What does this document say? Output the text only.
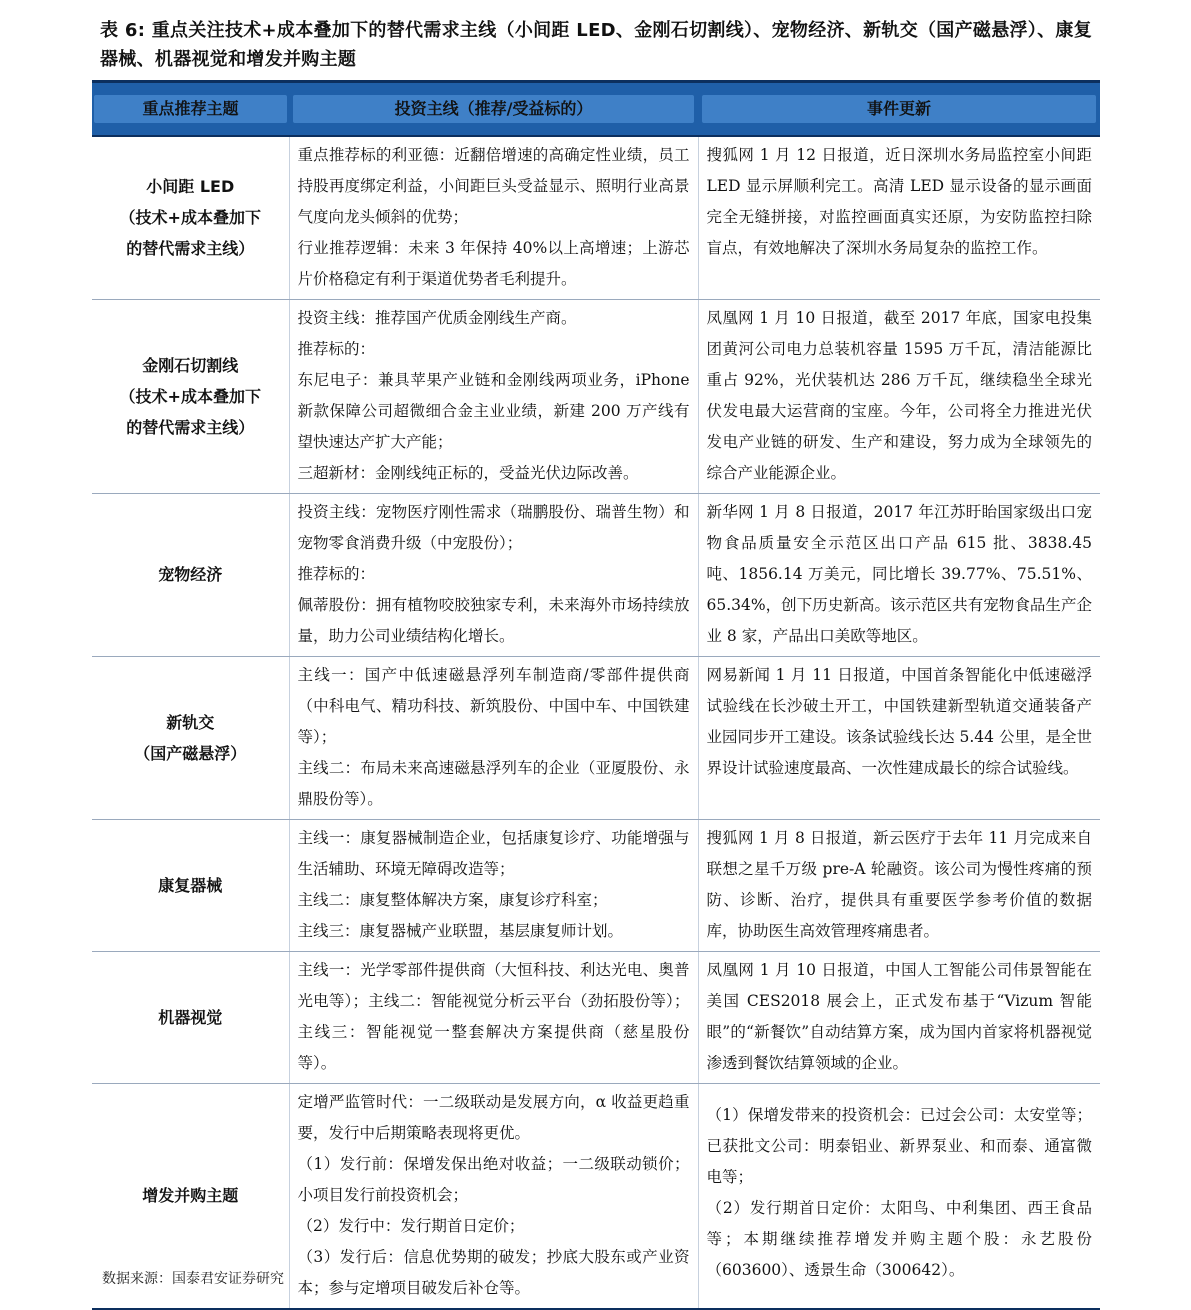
表 6: 重点关注技术+成本叠加下的替代需求主线（小间距 LED、金刚石切割线）、宠物经济、新轨交（国产磁悬浮）、康复器械、机器视觉和增发并购主题
重点推荐主题	投资主线（推荐/受益标的）	事件更新

小间距 LED
（技术+成本叠加下
的替代需求主线）	重点推荐标的利亚德：近翻倍增速的高确定性业绩，员工持股再度绑定利益，小间距巨头受益显示、照明行业高景气度向龙头倾斜的优势；
行业推荐逻辑：未来 3 年保持 40%以上高增速；上游芯片价格稳定有利于渠道优势者毛利提升。	搜狐网 1 月 12 日报道，近日深圳水务局监控室小间距 LED 显示屏顺利完工。高清 LED 显示设备的显示画面完全无缝拼接，对监控画面真实还原，为安防监控扫除盲点，有效地解决了深圳水务局复杂的监控工作。

金刚石切割线
（技术+成本叠加下
的替代需求主线）	投资主线：推荐国产优质金刚线生产商。
推荐标的：
东尼电子：兼具苹果产业链和金刚线两项业务，iPhone 新款保障公司超微细合金主业业绩，新建 200 万产线有望快速达产扩大产能；
三超新材：金刚线纯正标的，受益光伏边际改善。	凤凰网 1 月 10 日报道，截至 2017 年底，国家电投集团黄河公司电力总装机容量 1595 万千瓦，清洁能源比重占 92%，光伏装机达 286 万千瓦，继续稳坐全球光伏发电最大运营商的宝座。今年，公司将全力推进光伏发电产业链的研发、生产和建设，努力成为全球领先的综合产业能源企业。

宠物经济	投资主线：宠物医疗刚性需求（瑞鹏股份、瑞普生物）和宠物零食消费升级（中宠股份）；
推荐标的：
佩蒂股份：拥有植物咬胶独家专利，未来海外市场持续放量，助力公司业绩结构化增长。	新华网 1 月 8 日报道，2017 年江苏盱眙国家级出口宠物食品质量安全示范区出口产品 615 批、3838.45 吨、1856.14 万美元，同比增长 39.77%、75.51%、65.34%，创下历史新高。该示范区共有宠物食品生产企业 8 家，产品出口美欧等地区。

新轨交
（国产磁悬浮）	主线一：国产中低速磁悬浮列车制造商/零部件提供商（中科电气、精功科技、新筑股份、中国中车、中国铁建等）；
主线二：布局未来高速磁悬浮列车的企业（亚厦股份、永鼎股份等）。	网易新闻 1 月 11 日报道，中国首条智能化中低速磁浮试验线在长沙破土开工，中国铁建新型轨道交通装备产业园同步开工建设。该条试验线长达 5.44 公里，是全世界设计试验速度最高、一次性建成最长的综合试验线。

康复器械	主线一：康复器械制造企业，包括康复诊疗、功能增强与生活辅助、环境无障碍改造等；
主线二：康复整体解决方案，康复诊疗科室；
主线三：康复器械产业联盟，基层康复师计划。	搜狐网 1 月 8 日报道，新云医疗于去年 11 月完成来自联想之星千万级 pre-A 轮融资。该公司为慢性疼痛的预防、诊断、治疗，提供具有重要医学参考价值的数据库，协助医生高效管理疼痛患者。

机器视觉	主线一：光学零部件提供商（大恒科技、利达光电、奥普光电等）；主线二：智能视觉分析云平台（劲拓股份等）；主线三：智能视觉一整套解决方案提供商（慈星股份等）。	凤凰网 1 月 10 日报道，中国人工智能公司伟景智能在美国 CES2018 展会上，正式发布基于“Vizum 智能眼”的“新餐饮”自动结算方案，成为国内首家将机器视觉渗透到餐饮结算领域的企业。

增发并购主题	定增严监管时代：一二级联动是发展方向，α 收益更趋重要，发行中后期策略表现将更优。
（1）发行前：保增发保出绝对收益；一二级联动锁价；小项目发行前投资机会；
（2）发行中：发行期首日定价；
（3）发行后：信息优势期的破发；抄底大股东或产业资本；参与定增项目破发后补仓等。	（1）保增发带来的投资机会：已过会公司：太安堂等；已获批文公司：明泰铝业、新界泵业、和而泰、通富微电等；
（2）发行期首日定价：太阳鸟、中利集团、西王食品等；本期继续推荐增发并购主题个股：永艺股份（603600）、透景生命（300642）。
数据来源：国泰君安证券研究
